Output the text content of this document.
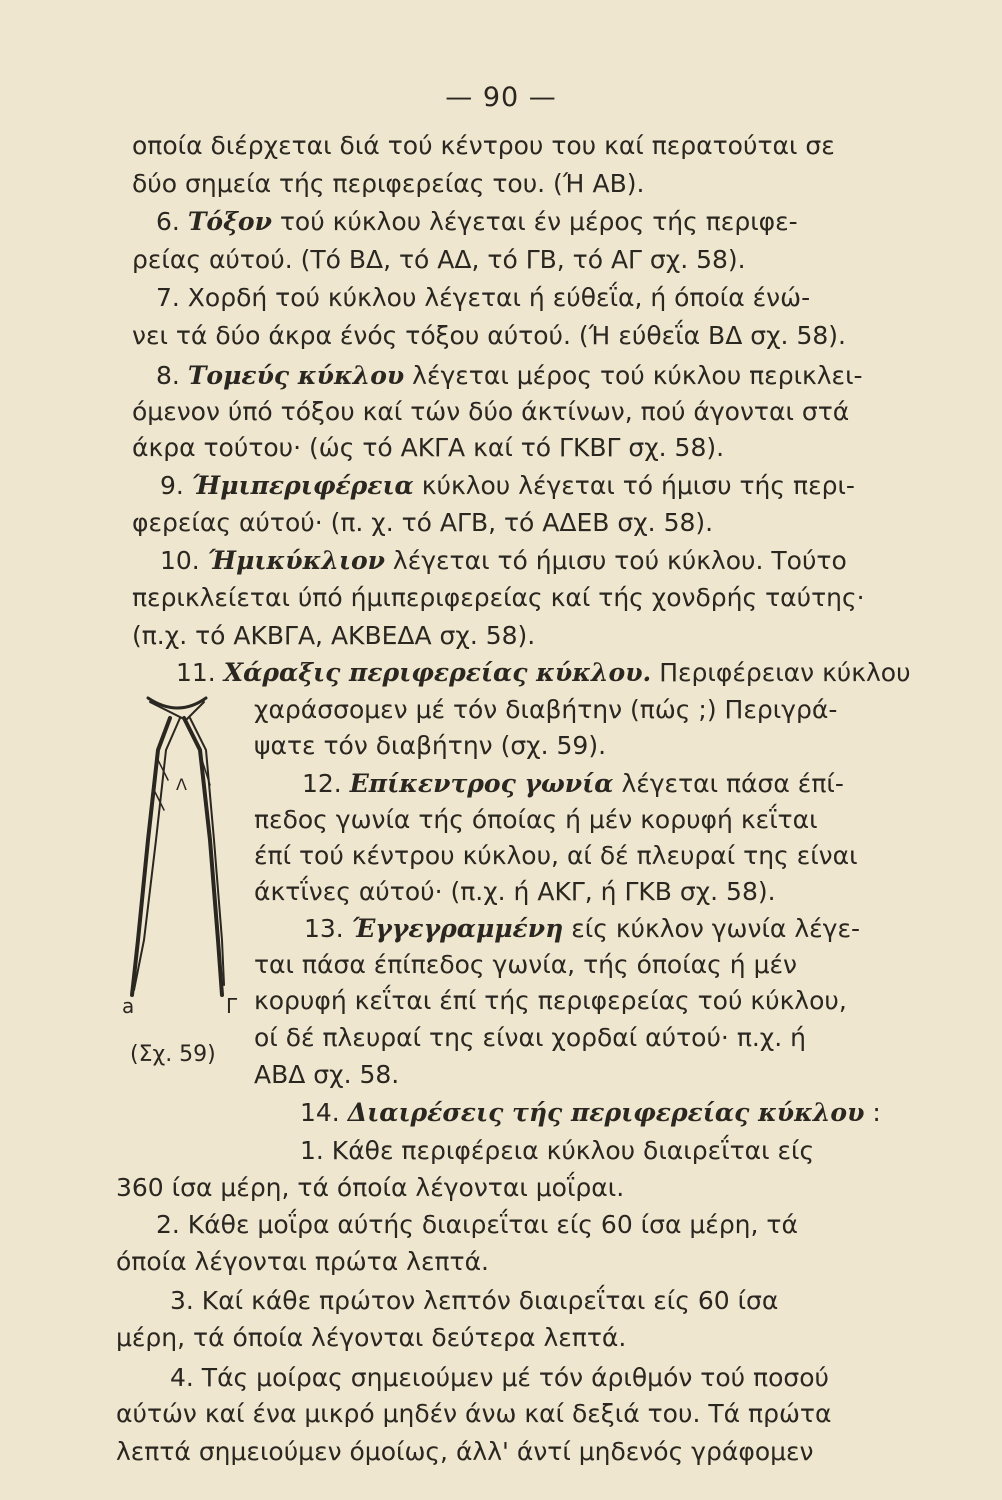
— 90 —
οποία διέρχεται διά τού κέντρου του καί περατούται σε
δύο σημεία τής περιφερείας του. (Ή ΑΒ).
6. Τόξον τού κύκλου λέγεται έν μέρος τής περιφε-
ρείας αύτού. (Τό ΒΔ, τό ΑΔ, τό ΓΒ, τό ΑΓ σχ. 58).
7. Χορδή τού κύκλου λέγεται ή εύθεΐα, ή όποία ένώ-
νει τά δύο άκρα ένός τόξου αύτού. (Ή εύθεΐα ΒΔ σχ. 58).
8. Τομεύς κύκλου λέγεται μέρος τού κύκλου περικλει-
όμενον ύπό τόξου καί τών δύο άκτίνων, πού άγονται στά
άκρα τούτου· (ώς τό ΑΚΓΑ καί τό ΓΚΒΓ σχ. 58).
9. Ήμιπεριφέρεια κύκλου λέγεται τό ήμισυ τής περι-
φερείας αύτού· (π. χ. τό ΑΓΒ, τό ΑΔΕΒ σχ. 58).
10. Ήμικύκλιον λέγεται τό ήμισυ τού κύκλου. Τούτο
περικλείεται ύπό ήμιπεριφερείας καί τής χονδρής ταύτης·
(π.χ. τό ΑΚΒΓΑ, ΑΚΒΕΔΑ σχ. 58).
11. Χάραξις περιφερείας κύκλου. Περιφέρειαν κύκλου
χαράσσομεν μέ τόν διαβήτην (πώς ;) Περιγρά-
ψατε τόν διαβήτην (σχ. 59).
12. Επίκεντρος γωνία λέγεται πάσα έπί-
πεδος γωνία τής όποίας ή μέν κορυφή κεΐται
έπί τού κέντρου κύκλου, αί δέ πλευραί της είναι
άκτΐνες αύτού· (π.χ. ή ΑΚΓ, ή ΓΚΒ σχ. 58).
13. Έγγεγραμμένη είς κύκλον γωνία λέγε-
ται πάσα έπίπεδος γωνία, τής όποίας ή μέν
κορυφή κεΐται έπί τής περιφερείας τού κύκλου,
οί δέ πλευραί της είναι χορδαί αύτού· π.χ. ή
ΑΒΔ σχ. 58.
14. Διαιρέσεις τής περιφερείας κύκλου :
1. Κάθε περιφέρεια κύκλου διαιρεΐται είς
360 ίσα μέρη, τά όποία λέγονται μοΐραι.
2. Κάθε μοΐρα αύτής διαιρεΐται είς 60 ίσα μέρη, τά
όποία λέγονται πρώτα λεπτά.
3. Καί κάθε πρώτον λεπτόν διαιρεΐται είς 60 ίσα
μέρη, τά όποία λέγονται δεύτερα λεπτά.
4. Τάς μοίρας σημειούμεν μέ τόν άριθμόν τού ποσού
αύτών καί ένα μικρό μηδέν άνω καί δεξιά του. Τά πρώτα
λεπτά σημειούμεν όμοίως, άλλ' άντί μηδενός γράφομεν
Λ
a	Γ
(Σχ. 59)
